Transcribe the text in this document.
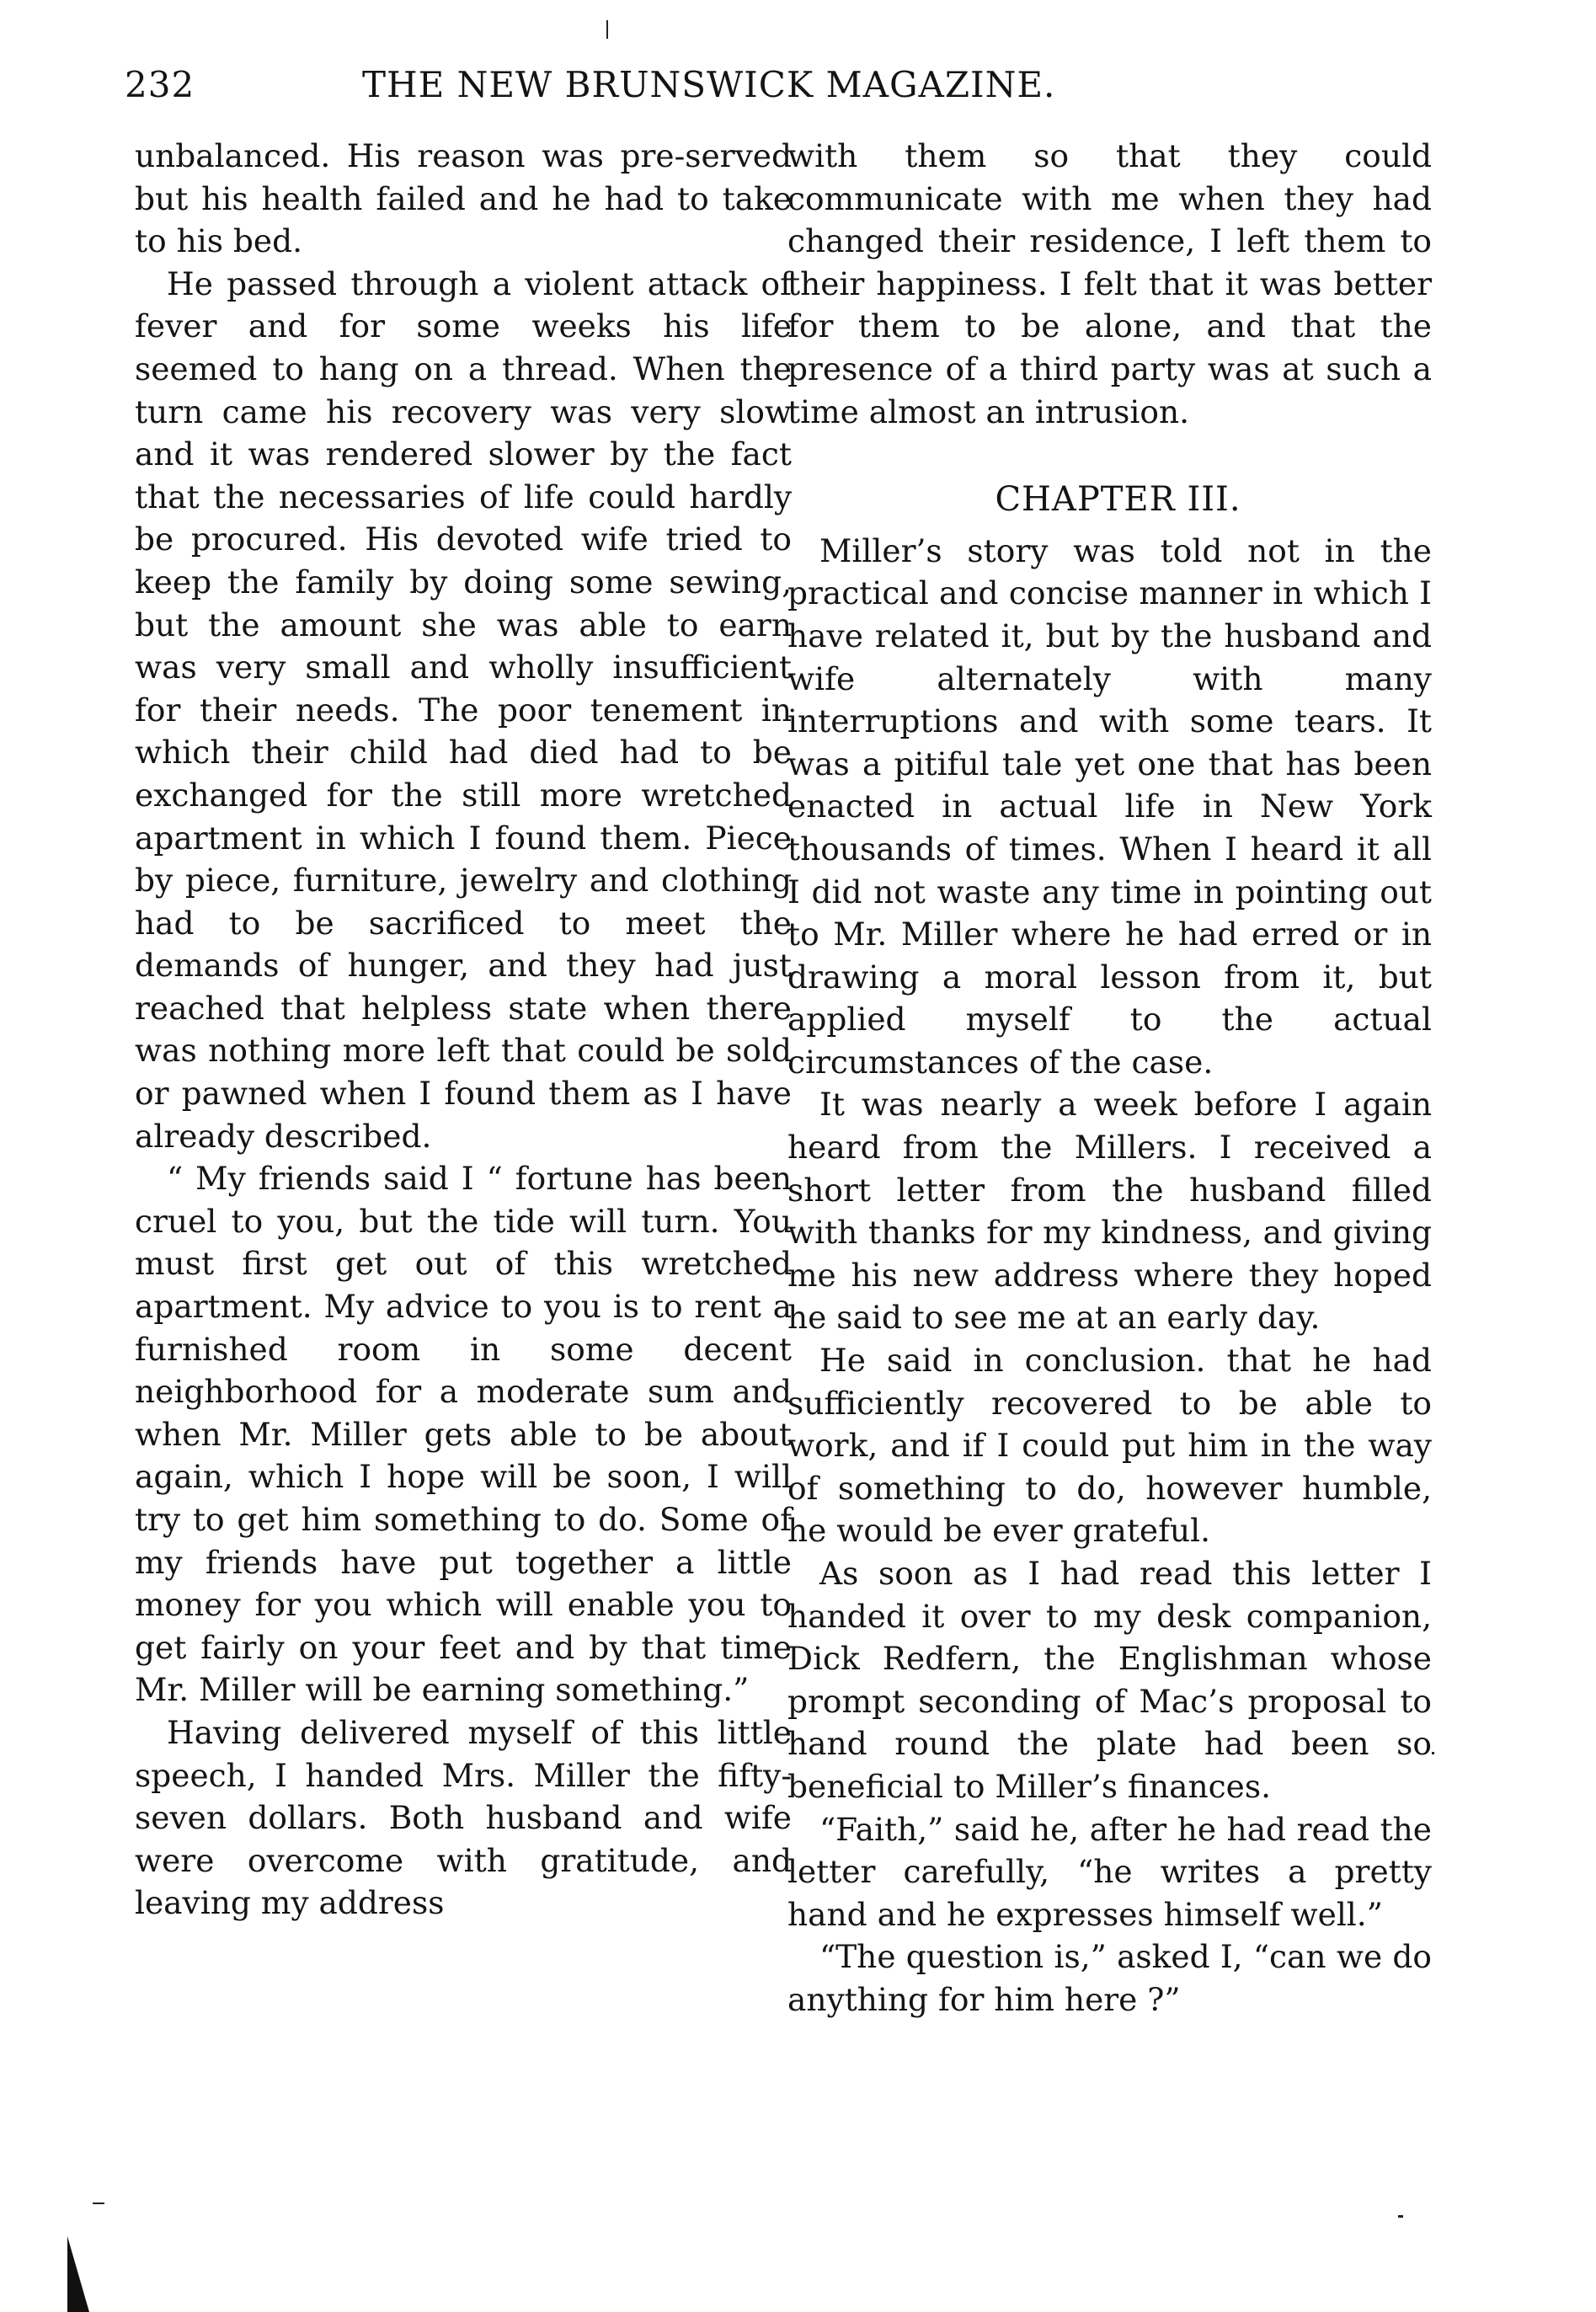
232	THE NEW BRUNSWICK MAGAZINE.

unbalanced. His reason was pre-served but his health failed and he had to take to his bed.

He passed through a violent attack of fever and for some weeks his life seemed to hang on a thread. When the turn came his recovery was very slow and it was rendered slower by the fact that the necessaries of life could hardly be procured. His devoted wife tried to keep the family by doing some sewing, but the amount she was able to earn was very small and wholly insufficient for their needs. The poor tenement in which their child had died had to be exchanged for the still more wretched apartment in which I found them. Piece by piece, furniture, jewelry and clothing had to be sacrificed to meet the demands of hunger, and they had just reached that helpless state when there was nothing more left that could be sold or pawned when I found them as I have already described.

“ My friends said I “ fortune has been cruel to you, but the tide will turn. You must first get out of this wretched apartment. My advice to you is to rent a furnished room in some decent neighborhood for a moderate sum and when Mr. Miller gets able to be about again, which I hope will be soon, I will try to get him something to do. Some of my friends have put together a little money for you which will enable you to get fairly on your feet and by that time Mr. Miller will be earning something.”

Having delivered myself of this little speech, I handed Mrs. Miller the fifty-seven dollars. Both husband and wife were overcome with gratitude, and leaving my address

with them so that they could communicate with me when they had changed their residence, I left them to their happiness. I felt that it was better for them to be alone, and that the presence of a third party was at such a time almost an intrusion.

CHAPTER III.

Miller’s story was told not in the practical and concise manner in which I have related it, but by the husband and wife alternately with many interruptions and with some tears. It was a pitiful tale yet one that has been enacted in actual life in New York thousands of times. When I heard it all I did not waste any time in pointing out to Mr. Miller where he had erred or in drawing a moral lesson from it, but applied myself to the actual circumstances of the case.

It was nearly a week before I again heard from the Millers. I received a short letter from the husband filled with thanks for my kindness, and giving me his new address where they hoped he said to see me at an early day.

He said in conclusion. that he had sufficiently recovered to be able to work, and if I could put him in the way of something to do, however humble, he would be ever grateful.

As soon as I had read this letter I handed it over to my desk companion, Dick Redfern, the Englishman whose prompt seconding of Mac’s proposal to hand round the plate had been so beneficial to Miller’s finances.

“Faith,” said he, after he had read the letter carefully, “he writes a pretty hand and he expresses himself well.”

“The question is,” asked I, “can we do anything for him here ?”
